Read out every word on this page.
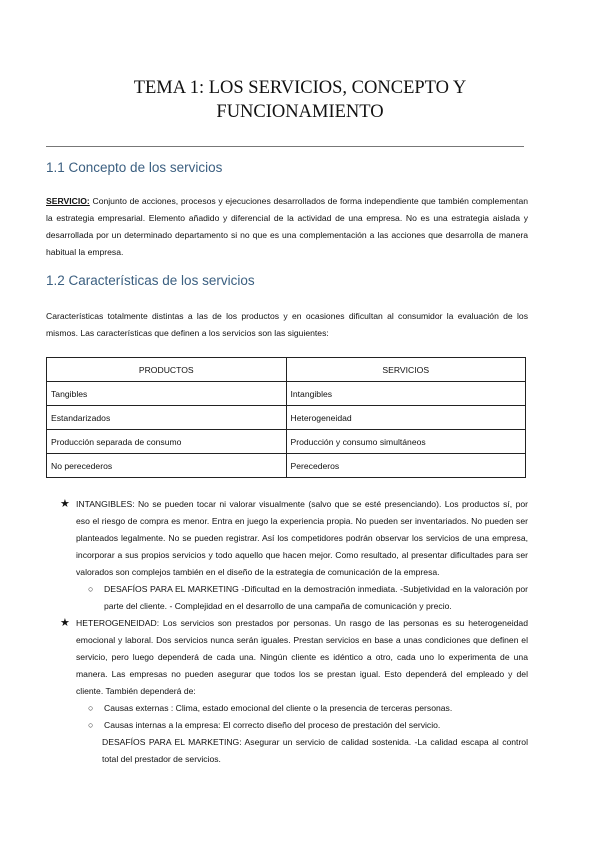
TEMA 1: LOS SERVICIOS, CONCEPTO Y
FUNCIONAMIENTO
1.1 Concepto de los servicios
SERVICIO: Conjunto de acciones, procesos y ejecuciones desarrollados de forma independiente que también complementan la estrategia empresarial. Elemento añadido y diferencial de la actividad de una empresa. No es una estrategia aislada y desarrollada por un determinado departamento si no que es una complementación a las acciones que desarrolla de manera habitual la empresa.
1.2 Características de los servicios
Características totalmente distintas a las de los productos y en ocasiones dificultan al consumidor la evaluación de los mismos. Las características que definen a los servicios son las siguientes:
PRODUCTOS	SERVICIOS
Tangibles	Intangibles
Estandarizados	Heterogeneidad
Producción separada de consumo	Producción y consumo simultáneos
No perecederos	Perecederos
★ INTANGIBLES: No se pueden tocar ni valorar visualmente (salvo que se esté presenciando). Los productos sí, por eso el riesgo de compra es menor. Entra en juego la experiencia propia. No pueden ser inventariados. No pueden ser planteados legalmente. No se pueden registrar. Así los competidores podrán observar los servicios de una empresa, incorporar a sus propios servicios y todo aquello que hacen mejor. Como resultado, al presentar dificultades para ser valorados son complejos también en el diseño de la estrategia de comunicación de la empresa.
○ DESAFÍOS PARA EL MARKETING -Dificultad en la demostración inmediata. -Subjetividad en la valoración por parte del cliente. - Complejidad en el desarrollo de una campaña de comunicación y precio.
★ HETEROGENEIDAD: Los servicios son prestados por personas. Un rasgo de las personas es su heterogeneidad emocional y laboral. Dos servicios nunca serán iguales. Prestan servicios en base a unas condiciones que definen el servicio, pero luego dependerá de cada una. Ningún cliente es idéntico a otro, cada uno lo experimenta de una manera. Las empresas no pueden asegurar que todos los se prestan igual. Esto dependerá del empleado y del cliente. También dependerá de:
○ Causas externas : Clima, estado emocional del cliente o la presencia de terceras personas.
○ Causas internas a la empresa: El correcto diseño del proceso de prestación del servicio.
DESAFÍOS PARA EL MARKETING: Asegurar un servicio de calidad sostenida. -La calidad escapa al control total del prestador de servicios.
